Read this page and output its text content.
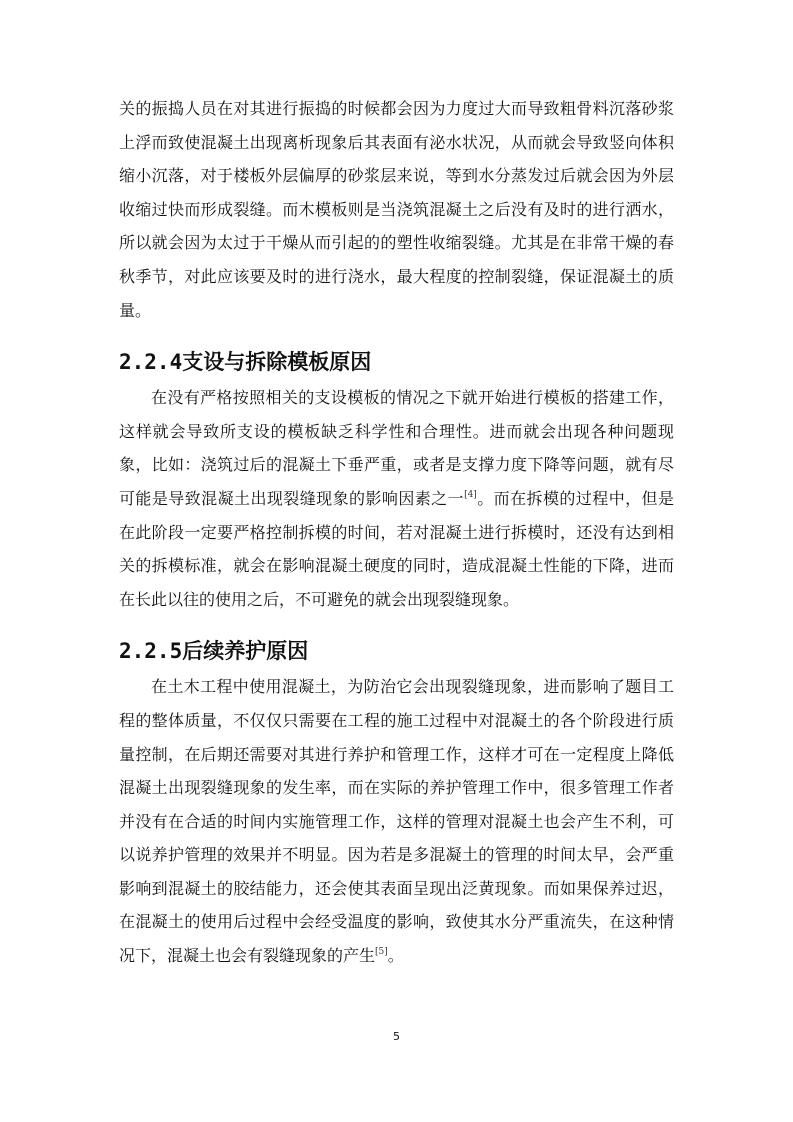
关的振捣人员在对其进行振捣的时候都会因为力度过大而导致粗骨料沉落砂浆上浮而致使混凝土出现离析现象后其表面有泌水状况，从而就会导致竖向体积缩小沉落，对于楼板外层偏厚的砂浆层来说，等到水分蒸发过后就会因为外层收缩过快而形成裂缝。而木模板则是当浇筑混凝土之后没有及时的进行洒水，所以就会因为太过于干燥从而引起的的塑性收缩裂缝。尤其是在非常干燥的春秋季节，对此应该要及时的进行浇水，最大程度的控制裂缝，保证混凝土的质量。

2.2.4支设与拆除模板原因

在没有严格按照相关的支设模板的情况之下就开始进行模板的搭建工作，这样就会导致所支设的模板缺乏科学性和合理性。进而就会出现各种问题现象，比如：浇筑过后的混凝土下垂严重，或者是支撑力度下降等问题，就有尽可能是导致混凝土出现裂缝现象的影响因素之一[4]。而在拆模的过程中，但是在此阶段一定要严格控制拆模的时间，若对混凝土进行拆模时，还没有达到相关的拆模标准，就会在影响混凝土硬度的同时，造成混凝土性能的下降，进而在长此以往的使用之后，不可避免的就会出现裂缝现象。

2.2.5后续养护原因

在土木工程中使用混凝土，为防治它会出现裂缝现象，进而影响了题目工程的整体质量，不仅仅只需要在工程的施工过程中对混凝土的各个阶段进行质量控制，在后期还需要对其进行养护和管理工作，这样才可在一定程度上降低混凝土出现裂缝现象的发生率，而在实际的养护管理工作中，很多管理工作者并没有在合适的时间内实施管理工作，这样的管理对混凝土也会产生不利，可以说养护管理的效果并不明显。因为若是多混凝土的管理的时间太早，会严重影响到混凝土的胶结能力，还会使其表面呈现出泛黄现象。而如果保养过迟，在混凝土的使用后过程中会经受温度的影响，致使其水分严重流失，在这种情况下，混凝土也会有裂缝现象的产生[5]。

5
